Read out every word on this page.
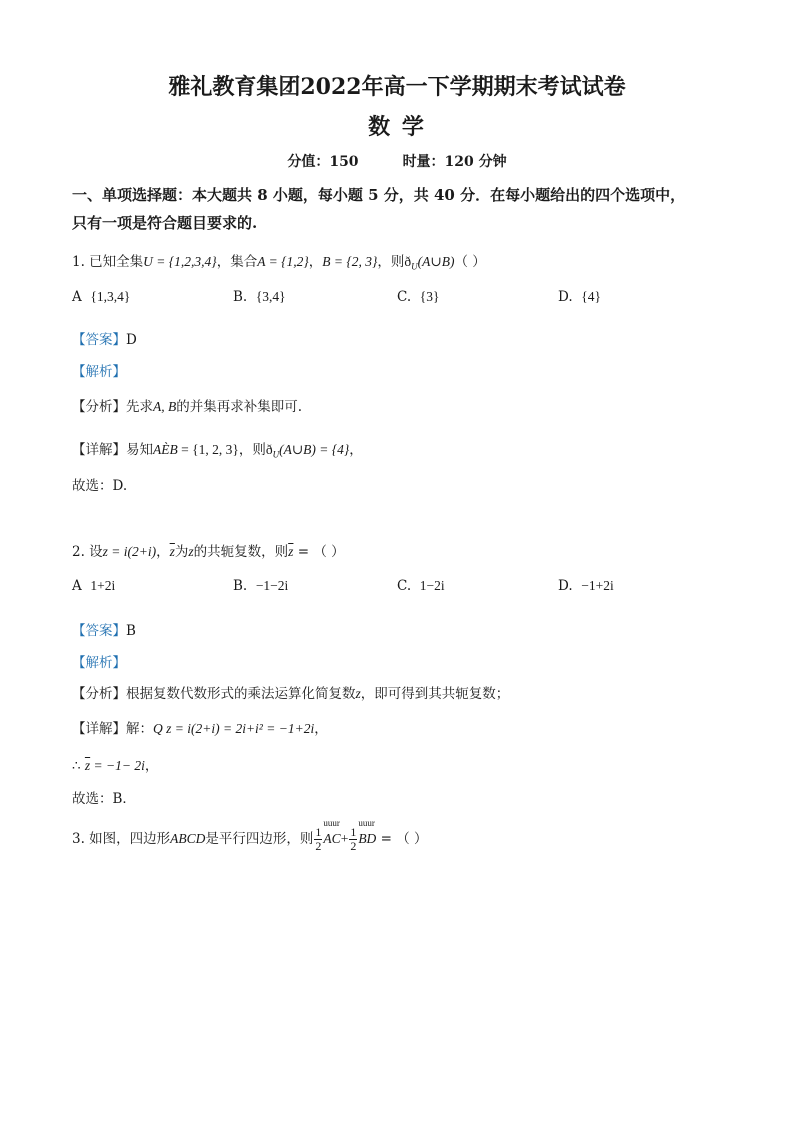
雅礼教育集团2022年高一下学期期末考试试卷
数 学
分值：150	时量：120 分钟
一、单项选择题：本大题共 8 小题，每小题 5 分，共 40 分．在每小题给出的四个选项中，
只有一项是符合题目要求的.
1. 已知全集U = {1,2,3,4}，集合A = {1,2}，B = {2, 3}，则$ð_U(A\cup B)$（ ）
A {1,3,4}	B. {3,4}	C. {3}	D. {4}
【答案】D
【解析】
【分析】先求A, B的并集再求补集即可.
【详解】易知AÈB = {1, 2, 3}，则$ð_U(A\cup B) = \{4\}$，
故选：D.
2. 设z = i(2+i)，$\overline{z}$为z的共轭复数，则$\overline{z}$ = （ ）
A 1+2i	B. −1−2i	C. 1−2i	D. −1+2i
【答案】B
【解析】
【分析】根据复数代数形式的乘法运算化简复数z，即可得到其共轭复数；
【详解】解：Q z = i(2+i) = 2i+i² = −1+2i，
∴ $\overline{z} = -1- 2i$，
故选：B．
3. 如图，四边形ABCD是平行四边形，则 $\frac{1}{2}$
uuur
$AC+ \frac{1}{2}$
uuur
BD = （ ）
